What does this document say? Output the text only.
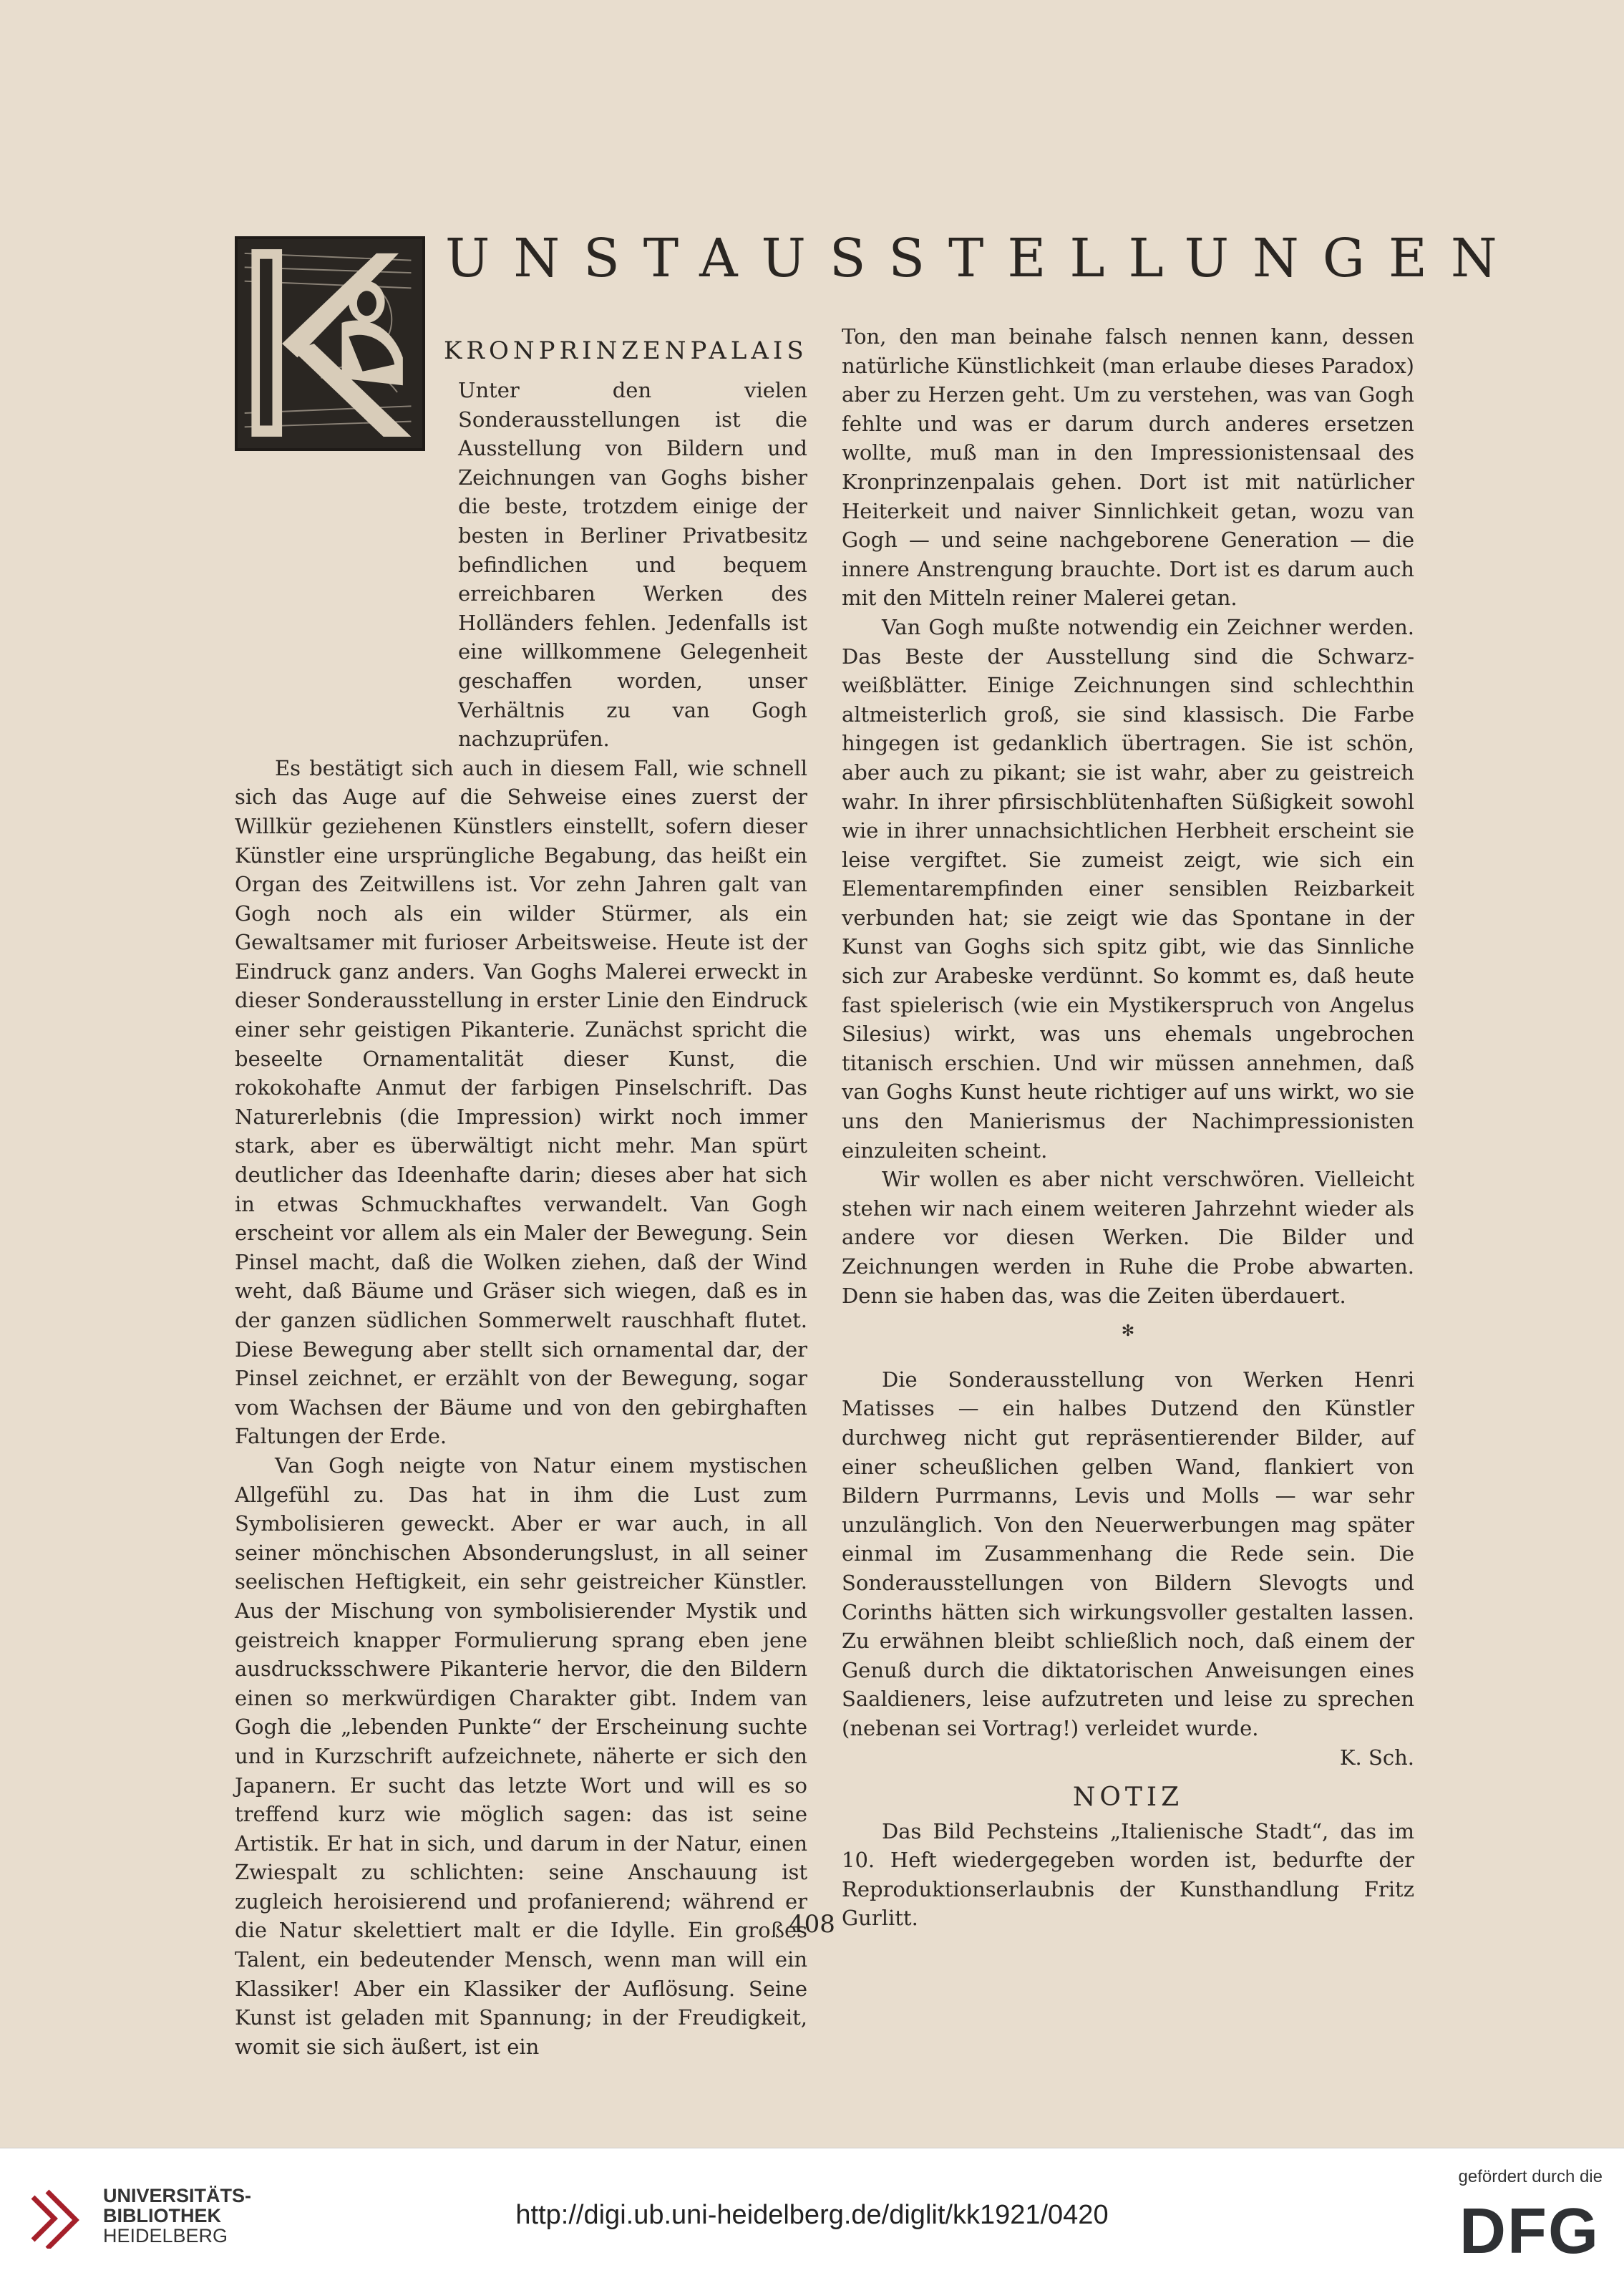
UNSTAUSSTELLUNGEN
KRONPRINZENPALAIS

Unter den vielen Sonderausstellungen ist die Ausstellung von Bildern und Zeichnungen van Goghs bisher die beste, trotzdem einige der besten in Berliner Privatbesitz befindlichen und bequem erreichbaren Werken des Holländers fehlen. Jedenfalls ist eine willkommene Gelegenheit geschaffen worden, unser Verhältnis zu van Gogh nachzuprüfen.

Es bestätigt sich auch in diesem Fall, wie schnell sich das Auge auf die Sehweise eines zuerst der Willkür geziehenen Künstlers einstellt, sofern dieser Künstler eine ursprüngliche Begabung, das heißt ein Organ des Zeitwillens ist. Vor zehn Jahren galt van Gogh noch als ein wilder Stürmer, als ein Gewaltsamer mit furioser Arbeitsweise. Heute ist der Eindruck ganz anders. Van Goghs Malerei erweckt in dieser Sonderausstellung in erster Linie den Eindruck einer sehr geistigen Pikanterie. Zunächst spricht die beseelte Ornamentalität dieser Kunst, die rokokohafte Anmut der farbigen Pinselschrift. Das Naturerlebnis (die Impression) wirkt noch immer stark, aber es überwältigt nicht mehr. Man spürt deutlicher das Ideenhafte darin; dieses aber hat sich in etwas Schmuckhaftes verwandelt. Van Gogh erscheint vor allem als ein Maler der Bewegung. Sein Pinsel macht, daß die Wolken ziehen, daß der Wind weht, daß Bäume und Gräser sich wiegen, daß es in der ganzen südlichen Sommerwelt rauschhaft flutet. Diese Bewegung aber stellt sich ornamental dar, der Pinsel zeichnet, er erzählt von der Bewegung, sogar vom Wachsen der Bäume und von den gebirghaften Faltungen der Erde.

Van Gogh neigte von Natur einem mystischen Allgefühl zu. Das hat in ihm die Lust zum Symbolisieren geweckt. Aber er war auch, in all seiner mönchischen Absonderungslust, in all seiner seelischen Heftigkeit, ein sehr geistreicher Künstler. Aus der Mischung von symbolisierender Mystik und geistreich knapper Formulierung sprang eben jene ausdrucksschwere Pikanterie hervor, die den Bildern einen so merkwürdigen Charakter gibt. Indem van Gogh die „lebenden Punkte“ der Erscheinung suchte und in Kurzschrift aufzeichnete, näherte er sich den Japanern. Er sucht das letzte Wort und will es so treffend kurz wie möglich sagen: das ist seine Artistik. Er hat in sich, und darum in der Natur, einen Zwiespalt zu schlichten: seine Anschauung ist zugleich heroisierend und profanierend; während er die Natur skelettiert malt er die Idylle. Ein großes Talent, ein bedeutender Mensch, wenn man will ein Klassiker! Aber ein Klassiker der Auflösung. Seine Kunst ist geladen mit Spannung; in der Freudigkeit, womit sie sich äußert, ist ein

Ton, den man beinahe falsch nennen kann, dessen natürliche Künstlichkeit (man erlaube dieses Paradox) aber zu Herzen geht. Um zu verstehen, was van Gogh fehlte und was er darum durch anderes ersetzen wollte, muß man in den Impressionistensaal des Kronprinzenpalais gehen. Dort ist mit natürlicher Heiterkeit und naiver Sinnlichkeit getan, wozu van Gogh — und seine nachgeborene Generation — die innere Anstrengung brauchte. Dort ist es darum auch mit den Mitteln reiner Malerei getan.

Van Gogh mußte notwendig ein Zeichner werden. Das Beste der Ausstellung sind die Schwarz-weißblätter. Einige Zeichnungen sind schlechthin altmeisterlich groß, sie sind klassisch. Die Farbe hingegen ist gedanklich übertragen. Sie ist schön, aber auch zu pikant; sie ist wahr, aber zu geistreich wahr. In ihrer pfirsischblütenhaften Süßigkeit sowohl wie in ihrer unnachsichtlichen Herbheit erscheint sie leise vergiftet. Sie zumeist zeigt, wie sich ein Elementarempfinden einer sensiblen Reizbarkeit verbunden hat; sie zeigt wie das Spontane in der Kunst van Goghs sich spitz gibt, wie das Sinnliche sich zur Arabeske verdünnt. So kommt es, daß heute fast spielerisch (wie ein Mystikerspruch von Angelus Silesius) wirkt, was uns ehemals ungebrochen titanisch erschien. Und wir müssen annehmen, daß van Goghs Kunst heute richtiger auf uns wirkt, wo sie uns den Manierismus der Nachimpressionisten einzuleiten scheint.

Wir wollen es aber nicht verschwören. Vielleicht stehen wir nach einem weiteren Jahrzehnt wieder als andere vor diesen Werken. Die Bilder und Zeichnungen werden in Ruhe die Probe abwarten. Denn sie haben das, was die Zeiten überdauert.

✻

Die Sonderausstellung von Werken Henri Matisses — ein halbes Dutzend den Künstler durchweg nicht gut repräsentierender Bilder, auf einer scheußlichen gelben Wand, flankiert von Bildern Purrmanns, Levis und Molls — war sehr unzulänglich. Von den Neuerwerbungen mag später einmal im Zusammenhang die Rede sein. Die Sonderausstellungen von Bildern Slevogts und Corinths hätten sich wirkungsvoller gestalten lassen. Zu erwähnen bleibt schließlich noch, daß einem der Genuß durch die diktatorischen Anweisungen eines Saaldieners, leise aufzutreten und leise zu sprechen (nebenan sei Vortrag!) verleidet wurde.

K. Sch.
NOTIZ

Das Bild Pechsteins „Italienische Stadt“, das im 10. Heft wiedergegeben worden ist, bedurfte der Reproduktionserlaubnis der Kunsthandlung Fritz Gurlitt.

408
UNIVERSITÄTS-
BIBLIOTHEK
HEIDELBERG
http://digi.ub.uni-heidelberg.de/diglit/kk1921/0420
gefördert durch die
DFG
